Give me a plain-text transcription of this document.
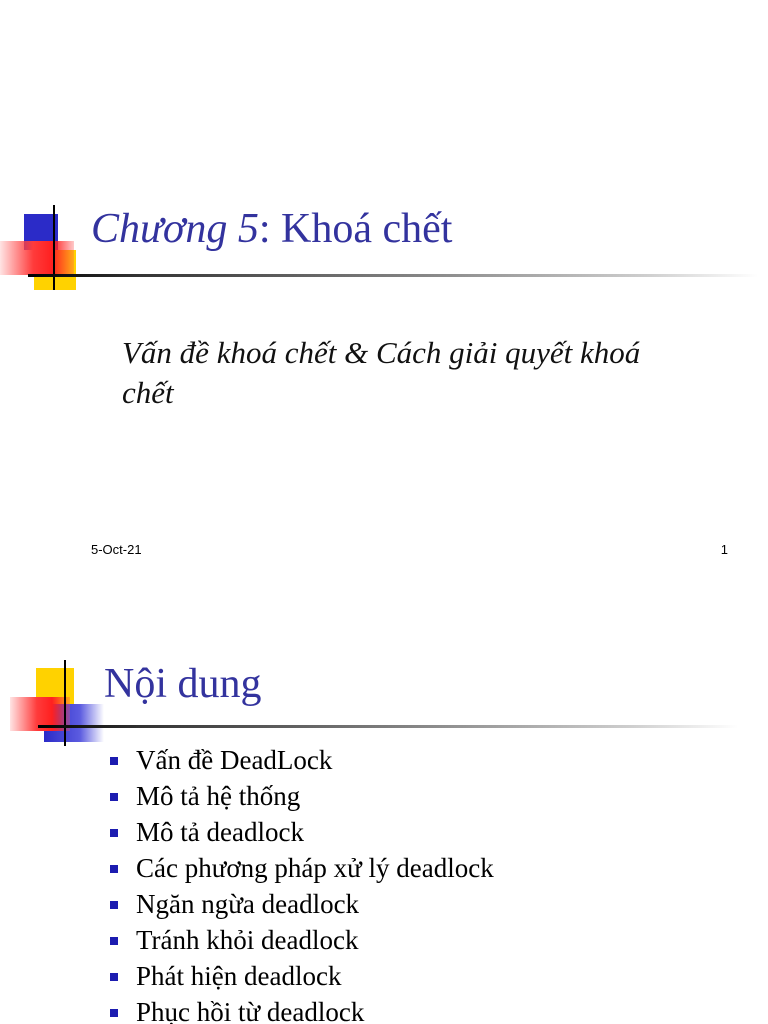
Chương 5: Khoá chết
Vấn đề khoá chết & Cách giải quyết khoá chết
5-Oct-21	1
Nội dung
Vấn đề DeadLock
Mô tả hệ thống
Mô tả deadlock
Các phương pháp xử lý deadlock
Ngăn ngừa deadlock
Tránh khỏi deadlock
Phát hiện deadlock
Phục hồi từ deadlock
